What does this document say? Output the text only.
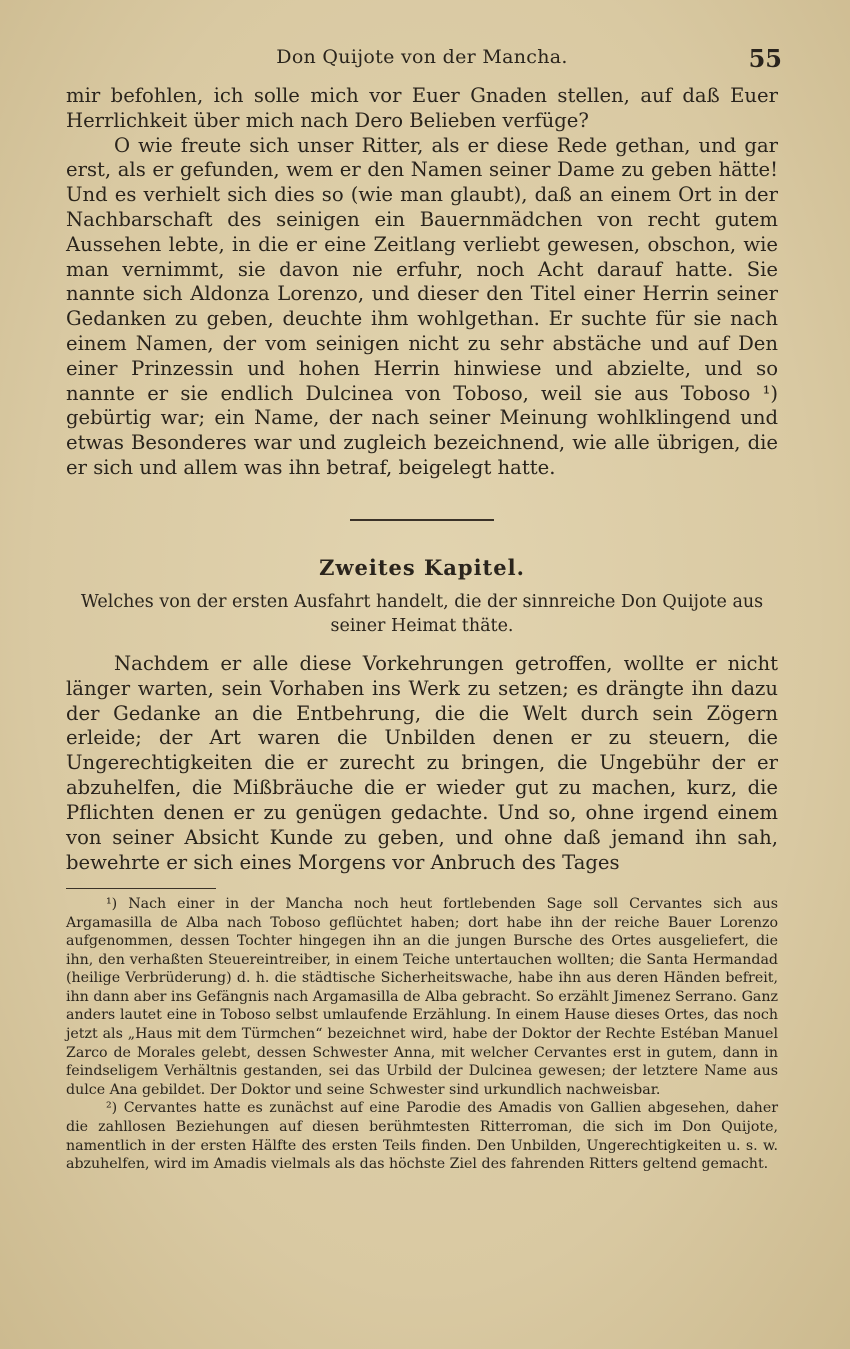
Don Quijote von der Mancha.	55

mir befohlen, ich solle mich vor Euer Gnaden stellen, auf daß Euer Herrlichkeit über mich nach Dero Belieben verfüge?

O wie freute sich unser Ritter, als er diese Rede gethan, und gar erst, als er gefunden, wem er den Namen seiner Dame zu geben hätte! Und es verhielt sich dies so (wie man glaubt), daß an einem Ort in der Nachbarschaft des seinigen ein Bauernmädchen von recht gutem Aussehen lebte, in die er eine Zeitlang verliebt gewesen, obschon, wie man vernimmt, sie davon nie erfuhr, noch Acht darauf hatte. Sie nannte sich Aldonza Lorenzo, und dieser den Titel einer Herrin seiner Gedanken zu geben, deuchte ihm wohlgethan. Er suchte für sie nach einem Namen, der vom seinigen nicht zu sehr abstäche und auf Den einer Prinzessin und hohen Herrin hinwiese und abzielte, und so nannte er sie endlich Dulcinea von Toboso, weil sie aus Toboso ¹) gebürtig war; ein Name, der nach seiner Meinung wohlklingend und etwas Besonderes war und zugleich bezeichnend, wie alle übrigen, die er sich und allem was ihn betraf, beigelegt hatte.

Zweites Kapitel.
Welches von der ersten Ausfahrt handelt, die der sinnreiche Don Quijote aus seiner Heimat thäte.

Nachdem er alle diese Vorkehrungen getroffen, wollte er nicht länger warten, sein Vorhaben ins Werk zu setzen; es drängte ihn dazu der Gedanke an die Entbehrung, die die Welt durch sein Zögern erleide; der Art waren die Unbilden denen er zu steuern, die Ungerechtigkeiten die er zurecht zu bringen, die Ungebühr der er abzuhelfen, die Mißbräuche die er wieder gut zu machen, kurz, die Pflichten denen er zu genügen gedachte. Und so, ohne irgend einem von seiner Absicht Kunde zu geben, und ohne daß jemand ihn sah, bewehrte er sich eines Morgens vor Anbruch des Tages

¹) Nach einer in der Mancha noch heut fortlebenden Sage soll Cervantes sich aus Argamasilla de Alba nach Toboso geflüchtet haben; dort habe ihn der reiche Bauer Lorenzo aufgenommen, dessen Tochter hingegen ihn an die jungen Bursche des Ortes ausgeliefert, die ihn, den verhaßten Steuereintreiber, in einem Teiche untertauchen wollten; die Santa Hermandad (heilige Verbrüderung) d. h. die städtische Sicherheitswache, habe ihn aus deren Händen befreit, ihn dann aber ins Gefängnis nach Argamasilla de Alba gebracht. So erzählt Jimenez Serrano. Ganz anders lautet eine in Toboso selbst umlaufende Erzählung. In einem Hause dieses Ortes, das noch jetzt als „Haus mit dem Türmchen“ bezeichnet wird, habe der Doktor der Rechte Estéban Manuel Zarco de Morales gelebt, dessen Schwester Anna, mit welcher Cervantes erst in gutem, dann in feindseligem Verhältnis gestanden, sei das Urbild der Dulcinea gewesen; der letztere Name aus dulce Ana gebildet. Der Doktor und seine Schwester sind urkundlich nachweisbar.

²) Cervantes hatte es zunächst auf eine Parodie des Amadis von Gallien abgesehen, daher die zahllosen Beziehungen auf diesen berühmtesten Ritterroman, die sich im Don Quijote, namentlich in der ersten Hälfte des ersten Teils finden. Den Unbilden, Ungerechtigkeiten u. s. w. abzuhelfen, wird im Amadis vielmals als das höchste Ziel des fahrenden Ritters geltend gemacht.
